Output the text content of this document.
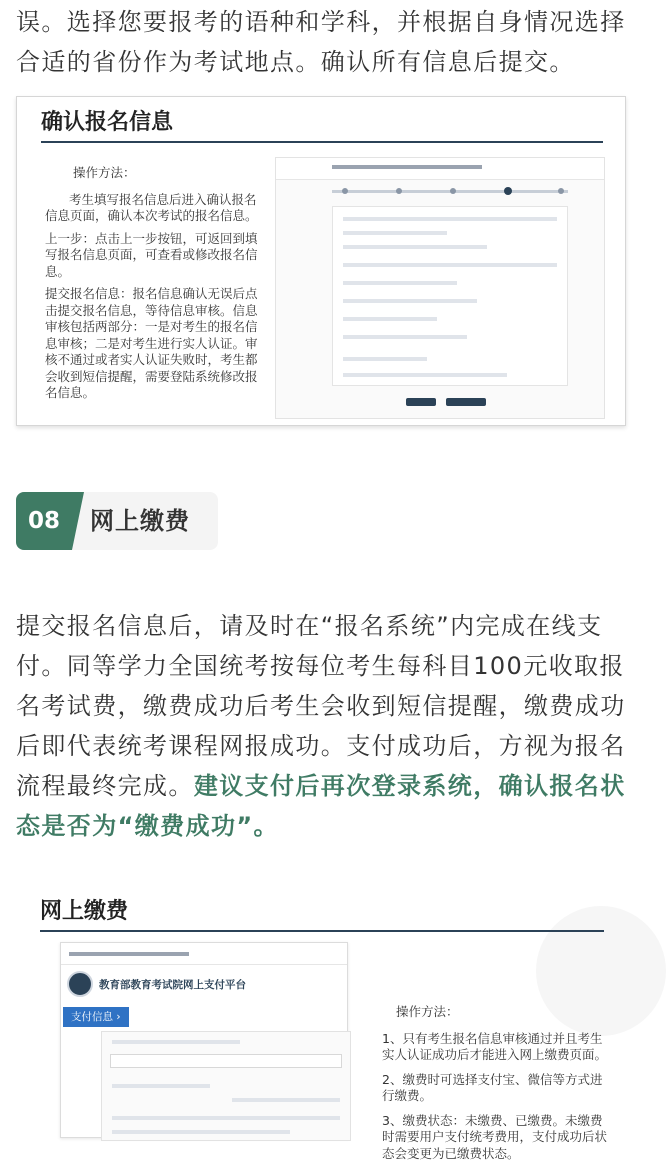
误。选择您要报考的语种和学科，并根据自身情况选择合适的省份作为考试地点。确认所有信息后提交。
确认报名信息

操作方法：

考生填写报名信息后进入确认报名信息页面，确认本次考试的报名信息。

上一步：点击上一步按钮，可返回到填写报名信息页面，可查看或修改报名信息。

提交报名信息：报名信息确认无误后点击提交报名信息，等待信息审核。信息审核包括两部分：一是对考生的报名信息审核；二是对考生进行实人认证。审核不通过或者实人认证失败时，考生都会收到短信提醒，需要登陆系统修改报名信息。

08	网上缴费
提交报名信息后，请及时在“报名系统”内完成在线支付。同等学力全国统考按每位考生每科目100元收取报名考试费，缴费成功后考生会收到短信提醒，缴费成功后即代表统考课程网报成功。支付成功后，方视为报名流程最终完成。建议支付后再次登录系统，确认报名状态是否为“缴费成功”。
网上缴费
教育部教育考试院网上支付平台
支付信息 ›	操作方法：

1、只有考生报名信息审核通过并且考生实人认证成功后才能进入网上缴费页面。

2、缴费时可选择支付宝、微信等方式进行缴费。

3、缴费状态：未缴费、已缴费。未缴费时需要用户支付统考费用，支付成功后状态会变更为已缴费状态。
